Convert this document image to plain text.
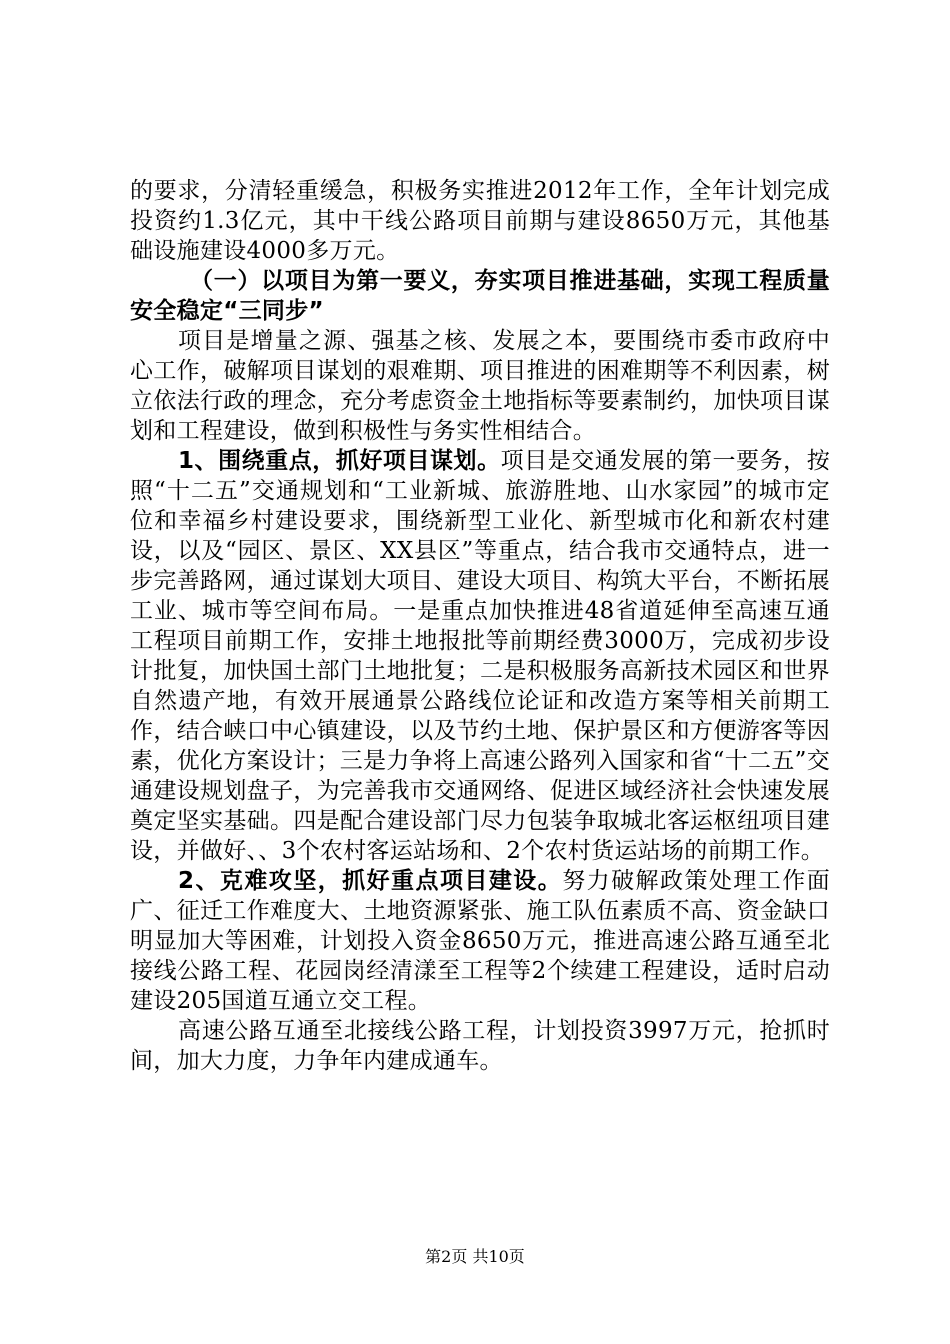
的要求，分清轻重缓急，积极务实推进2012年工作，全年计划完成投资约1.3亿元，其中干线公路项目前期与建设8650万元，其他基础设施建设4000多万元。

（一）以项目为第一要义，夯实项目推进基础，实现工程质量安全稳定“三同步”

项目是增量之源、强基之核、发展之本，要围绕市委市政府中心工作，破解项目谋划的艰难期、项目推进的困难期等不利因素，树立依法行政的理念，充分考虑资金土地指标等要素制约，加快项目谋划和工程建设，做到积极性与务实性相结合。

1、围绕重点，抓好项目谋划。项目是交通发展的第一要务，按照“十二五”交通规划和“工业新城、旅游胜地、山水家园”的城市定位和幸福乡村建设要求，围绕新型工业化、新型城市化和新农村建设，以及“园区、景区、XX县区”等重点，结合我市交通特点，进一步完善路网，通过谋划大项目、建设大项目、构筑大平台，不断拓展工业、城市等空间布局。一是重点加快推进48省道延伸至高速互通工程项目前期工作，安排土地报批等前期经费3000万，完成初步设计批复，加快国土部门土地批复；二是积极服务高新技术园区和世界自然遗产地，有效开展通景公路线位论证和改造方案等相关前期工作，结合峡口中心镇建设，以及节约土地、保护景区和方便游客等因素，优化方案设计；三是力争将上高速公路列入国家和省“十二五”交通建设规划盘子，为完善我市交通网络、促进区域经济社会快速发展奠定坚实基础。四是配合建设部门尽力包装争取城北客运枢纽项目建设，并做好、、3个农村客运站场和、2个农村货运站场的前期工作。

2、克难攻坚，抓好重点项目建设。努力破解政策处理工作面广、征迁工作难度大、土地资源紧张、施工队伍素质不高、资金缺口明显加大等困难，计划投入资金8650万元，推进高速公路互通至北接线公路工程、花园岗经清漾至工程等2个续建工程建设，适时启动建设205国道互通立交工程。

高速公路互通至北接线公路工程，计划投资3997万元，抢抓时间，加大力度，力争年内建成通车。

第2页 共10页
